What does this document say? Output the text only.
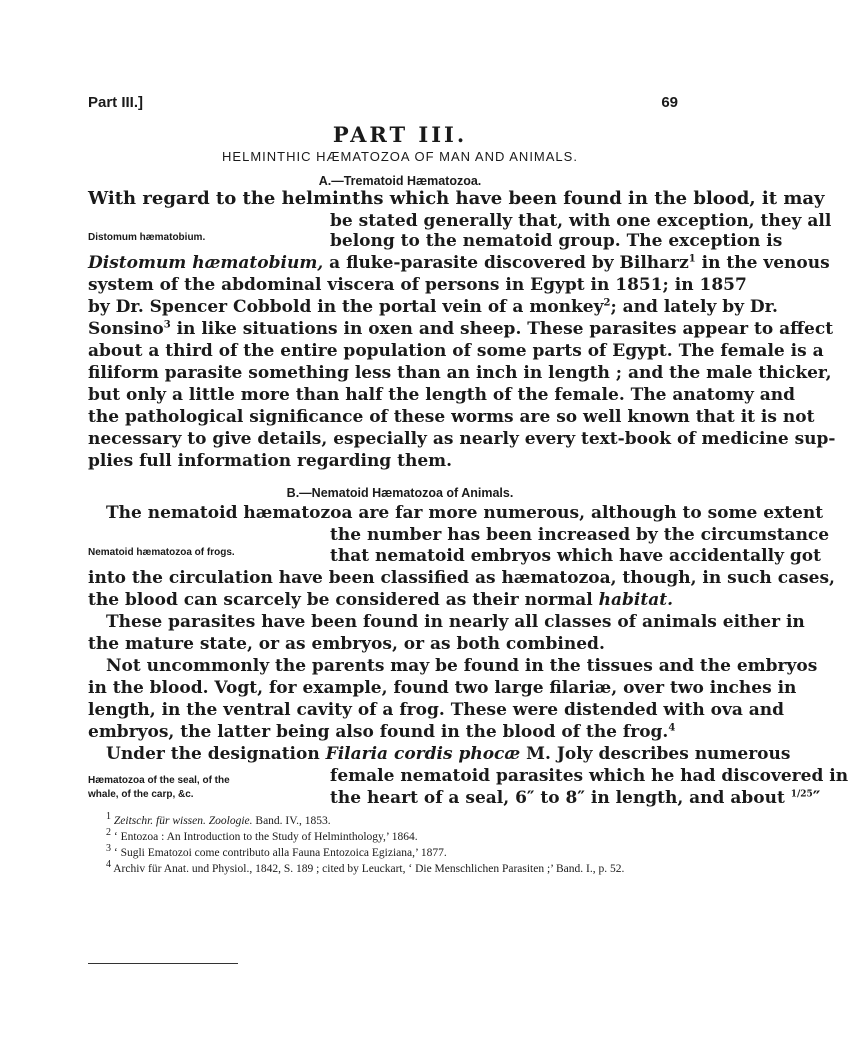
Part III.]	69
PART III.
HELMINTHIC HÆMATOZOA OF MAN AND ANIMALS.
A.—Trematoid Hæmatozoa.
With regard to the helminths which have been found in the blood, it may
be stated generally that, with one exception, they all
Distomum hæmatobium.	belong to the nematoid group. The exception is
Distomum hæmatobium, a fluke-parasite discovered by Bilharz$^1$ in the venous
system of the abdominal viscera of persons in Egypt in 1851; in 1857
by Dr. Spencer Cobbold in the portal vein of a monkey$^2$; and lately by Dr.
Sonsino$^3$ in like situations in oxen and sheep. These parasites appear to affect
about a third of the entire population of some parts of Egypt. The female is a
filiform parasite something less than an inch in length ; and the male thicker,
but only a little more than half the length of the female. The anatomy and
the pathological significance of these worms are so well known that it is not
necessary to give details, especially as nearly every text-book of medicine sup-
plies full information regarding them.
B.—Nematoid Hæmatozoa of Animals.
The nematoid hæmatozoa are far more numerous, although to some extent
the number has been increased by the circumstance
Nematoid hæmatozoa of frogs.	that nematoid embryos which have accidentally got
into the circulation have been classified as hæmatozoa, though, in such cases,
the blood can scarcely be considered as their normal habitat.
These parasites have been found in nearly all classes of animals either in
the mature state, or as embryos, or as both combined.
Not uncommonly the parents may be found in the tissues and the embryos
in the blood. Vogt, for example, found two large filariæ, over two inches in
length, in the ventral cavity of a frog. These were distended with ova and
embryos, the latter being also found in the blood of the frog.$^4$
Under the designation Filaria cordis phocæ M. Joly describes numerous
female nematoid parasites which he had discovered in
Hæmatozoa of the seal, of the
whale, of the carp, &c.	the heart of a seal, 6″ to 8″ in length, and about $^{1/25}$″
$^1$ Zeitschr. für wissen. Zoologie. Band. IV., 1853.
$^2$ ‘ Entozoa : An Introduction to the Study of Helminthology,’ 1864.
$^3$ ‘ Sugli Ematozoi come contributo alla Fauna Entozoica Egiziana,’ 1877.
$^4$ Archiv für Anat. und Physiol., 1842, S. 189 ; cited by Leuckart, ‘ Die Menschlichen Parasiten ;’ Band. I., p. 52.
